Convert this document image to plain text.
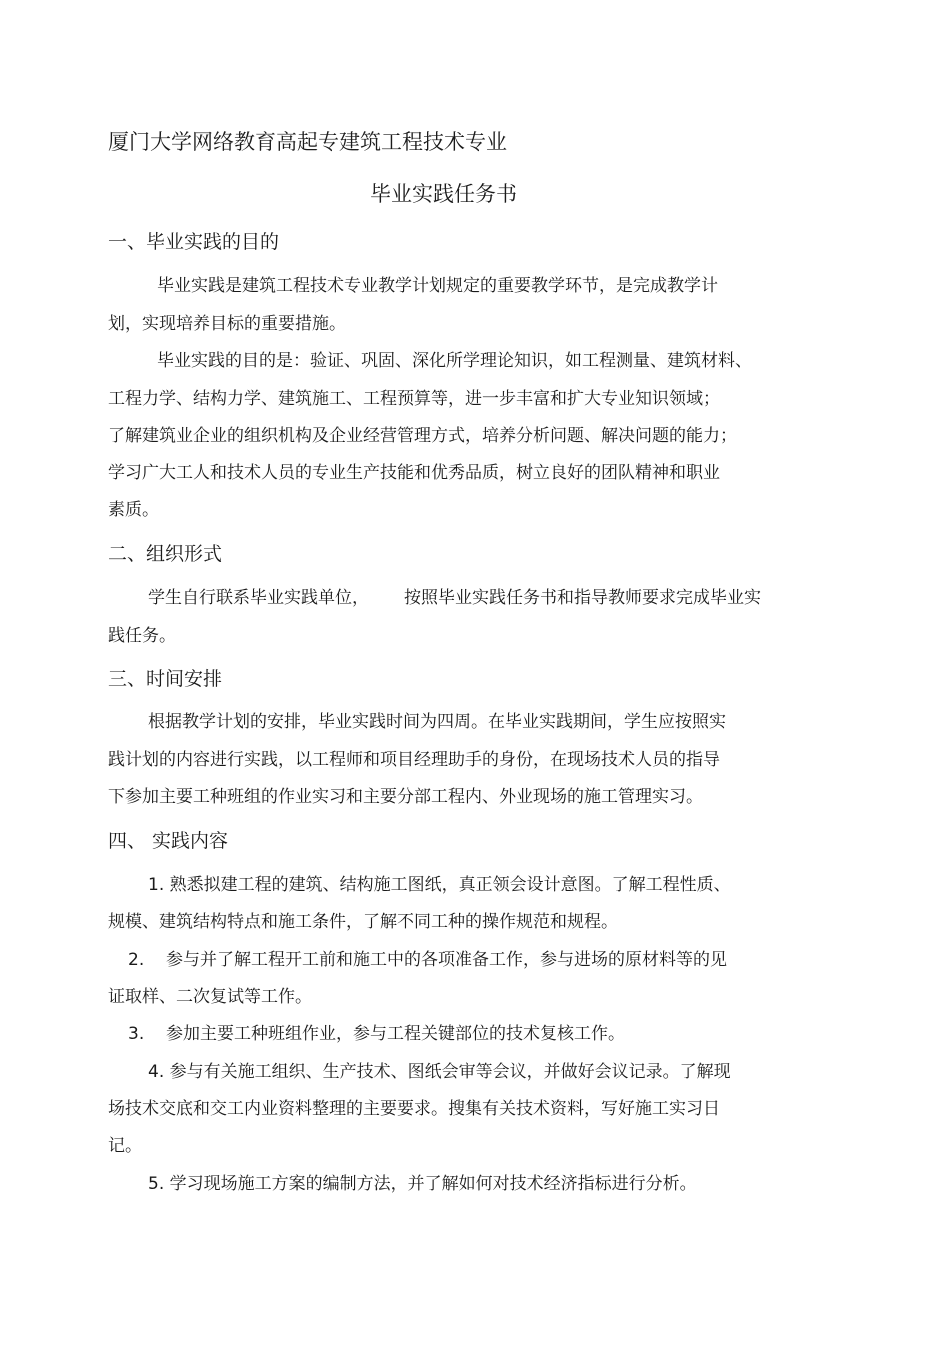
厦门大学网络教育高起专建筑工程技术专业
毕业实践任务书
一、毕业实践的目的
毕业实践是建筑工程技术专业教学计划规定的重要教学环节，是完成教学计
划，实现培养目标的重要措施。
毕业实践的目的是：验证、巩固、深化所学理论知识，如工程测量、建筑材料、
工程力学、结构力学、建筑施工、工程预算等，进一步丰富和扩大专业知识领域；
了解建筑业企业的组织机构及企业经营管理方式，培养分析问题、解决问题的能力；
学习广大工人和技术人员的专业生产技能和优秀品质，树立良好的团队精神和职业
素质。
二、组织形式
学生自行联系毕业实践单位， 按照毕业实践任务书和指导教师要求完成毕业实
践任务。
三、时间安排
根据教学计划的安排，毕业实践时间为四周。在毕业实践期间，学生应按照实
践计划的内容进行实践，以工程师和项目经理助手的身份，在现场技术人员的指导
下参加主要工种班组的作业实习和主要分部工程内、外业现场的施工管理实习。
四、 实践内容
1. 熟悉拟建工程的建筑、结构施工图纸，真正领会设计意图。了解工程性质、
规模、建筑结构特点和施工条件，了解不同工种的操作规范和规程。
2. 参与并了解工程开工前和施工中的各项准备工作，参与进场的原材料等的见
证取样、二次复试等工作。
3. 参加主要工种班组作业，参与工程关键部位的技术复核工作。
4. 参与有关施工组织、生产技术、图纸会审等会议，并做好会议记录。了解现
场技术交底和交工内业资料整理的主要要求。搜集有关技术资料，写好施工实习日
记。
5. 学习现场施工方案的编制方法，并了解如何对技术经济指标进行分析。
